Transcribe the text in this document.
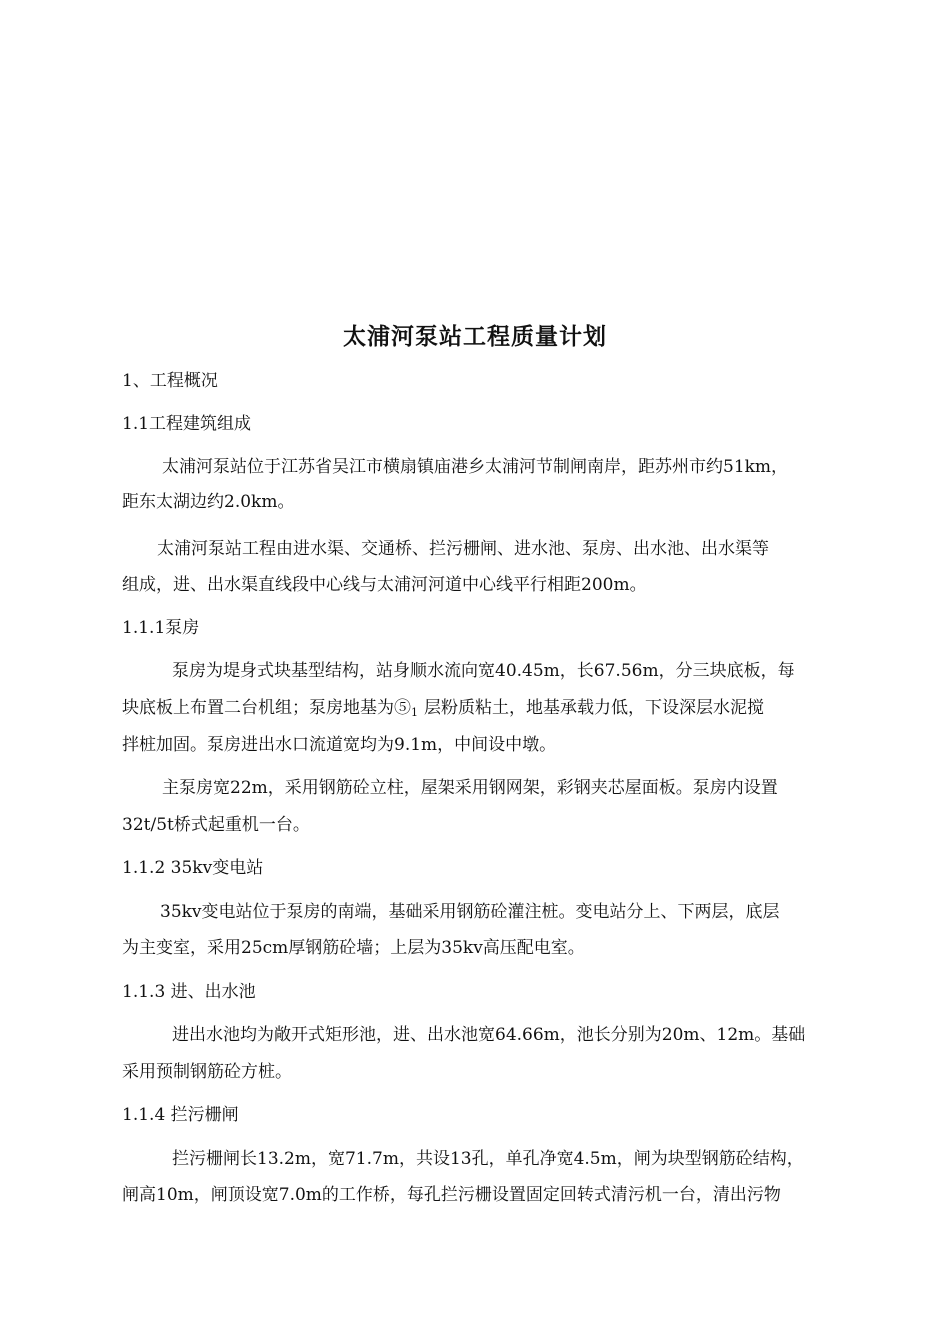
太浦河泵站工程质量计划
1、工程概况
1.1工程建筑组成
太浦河泵站位于江苏省吴江市横扇镇庙港乡太浦河节制闸南岸，距苏州市约51km，
距东太湖边约2.0km。
太浦河泵站工程由进水渠、交通桥、拦污栅闸、进水池、泵房、出水池、出水渠等
组成，进、出水渠直线段中心线与太浦河河道中心线平行相距200m。
1.1.1泵房
泵房为堤身式块基型结构，站身顺水流向宽40.45m，长67.56m，分三块底板，每
块底板上布置二台机组；泵房地基为$⑤_1$ 层粉质粘土，地基承载力低，下设深层水泥搅
拌桩加固。泵房进出水口流道宽均为9.1m，中间设中墩。
主泵房宽22m，采用钢筋砼立柱，屋架采用钢网架，彩钢夹芯屋面板。泵房内设置
32t/5t桥式起重机一台。
1.1.2 35kv变电站
35kv变电站位于泵房的南端，基础采用钢筋砼灌注桩。变电站分上、下两层，底层
为主变室，采用25cm厚钢筋砼墙；上层为35kv高压配电室。
1.1.3 进、出水池
进出水池均为敞开式矩形池，进、出水池宽64.66m，池长分别为20m、12m。基础
采用预制钢筋砼方桩。
1.1.4 拦污栅闸
拦污栅闸长13.2m，宽71.7m，共设13孔，单孔净宽4.5m，闸为块型钢筋砼结构，
闸高10m，闸顶设宽7.0m的工作桥，每孔拦污栅设置固定回转式清污机一台，清出污物
